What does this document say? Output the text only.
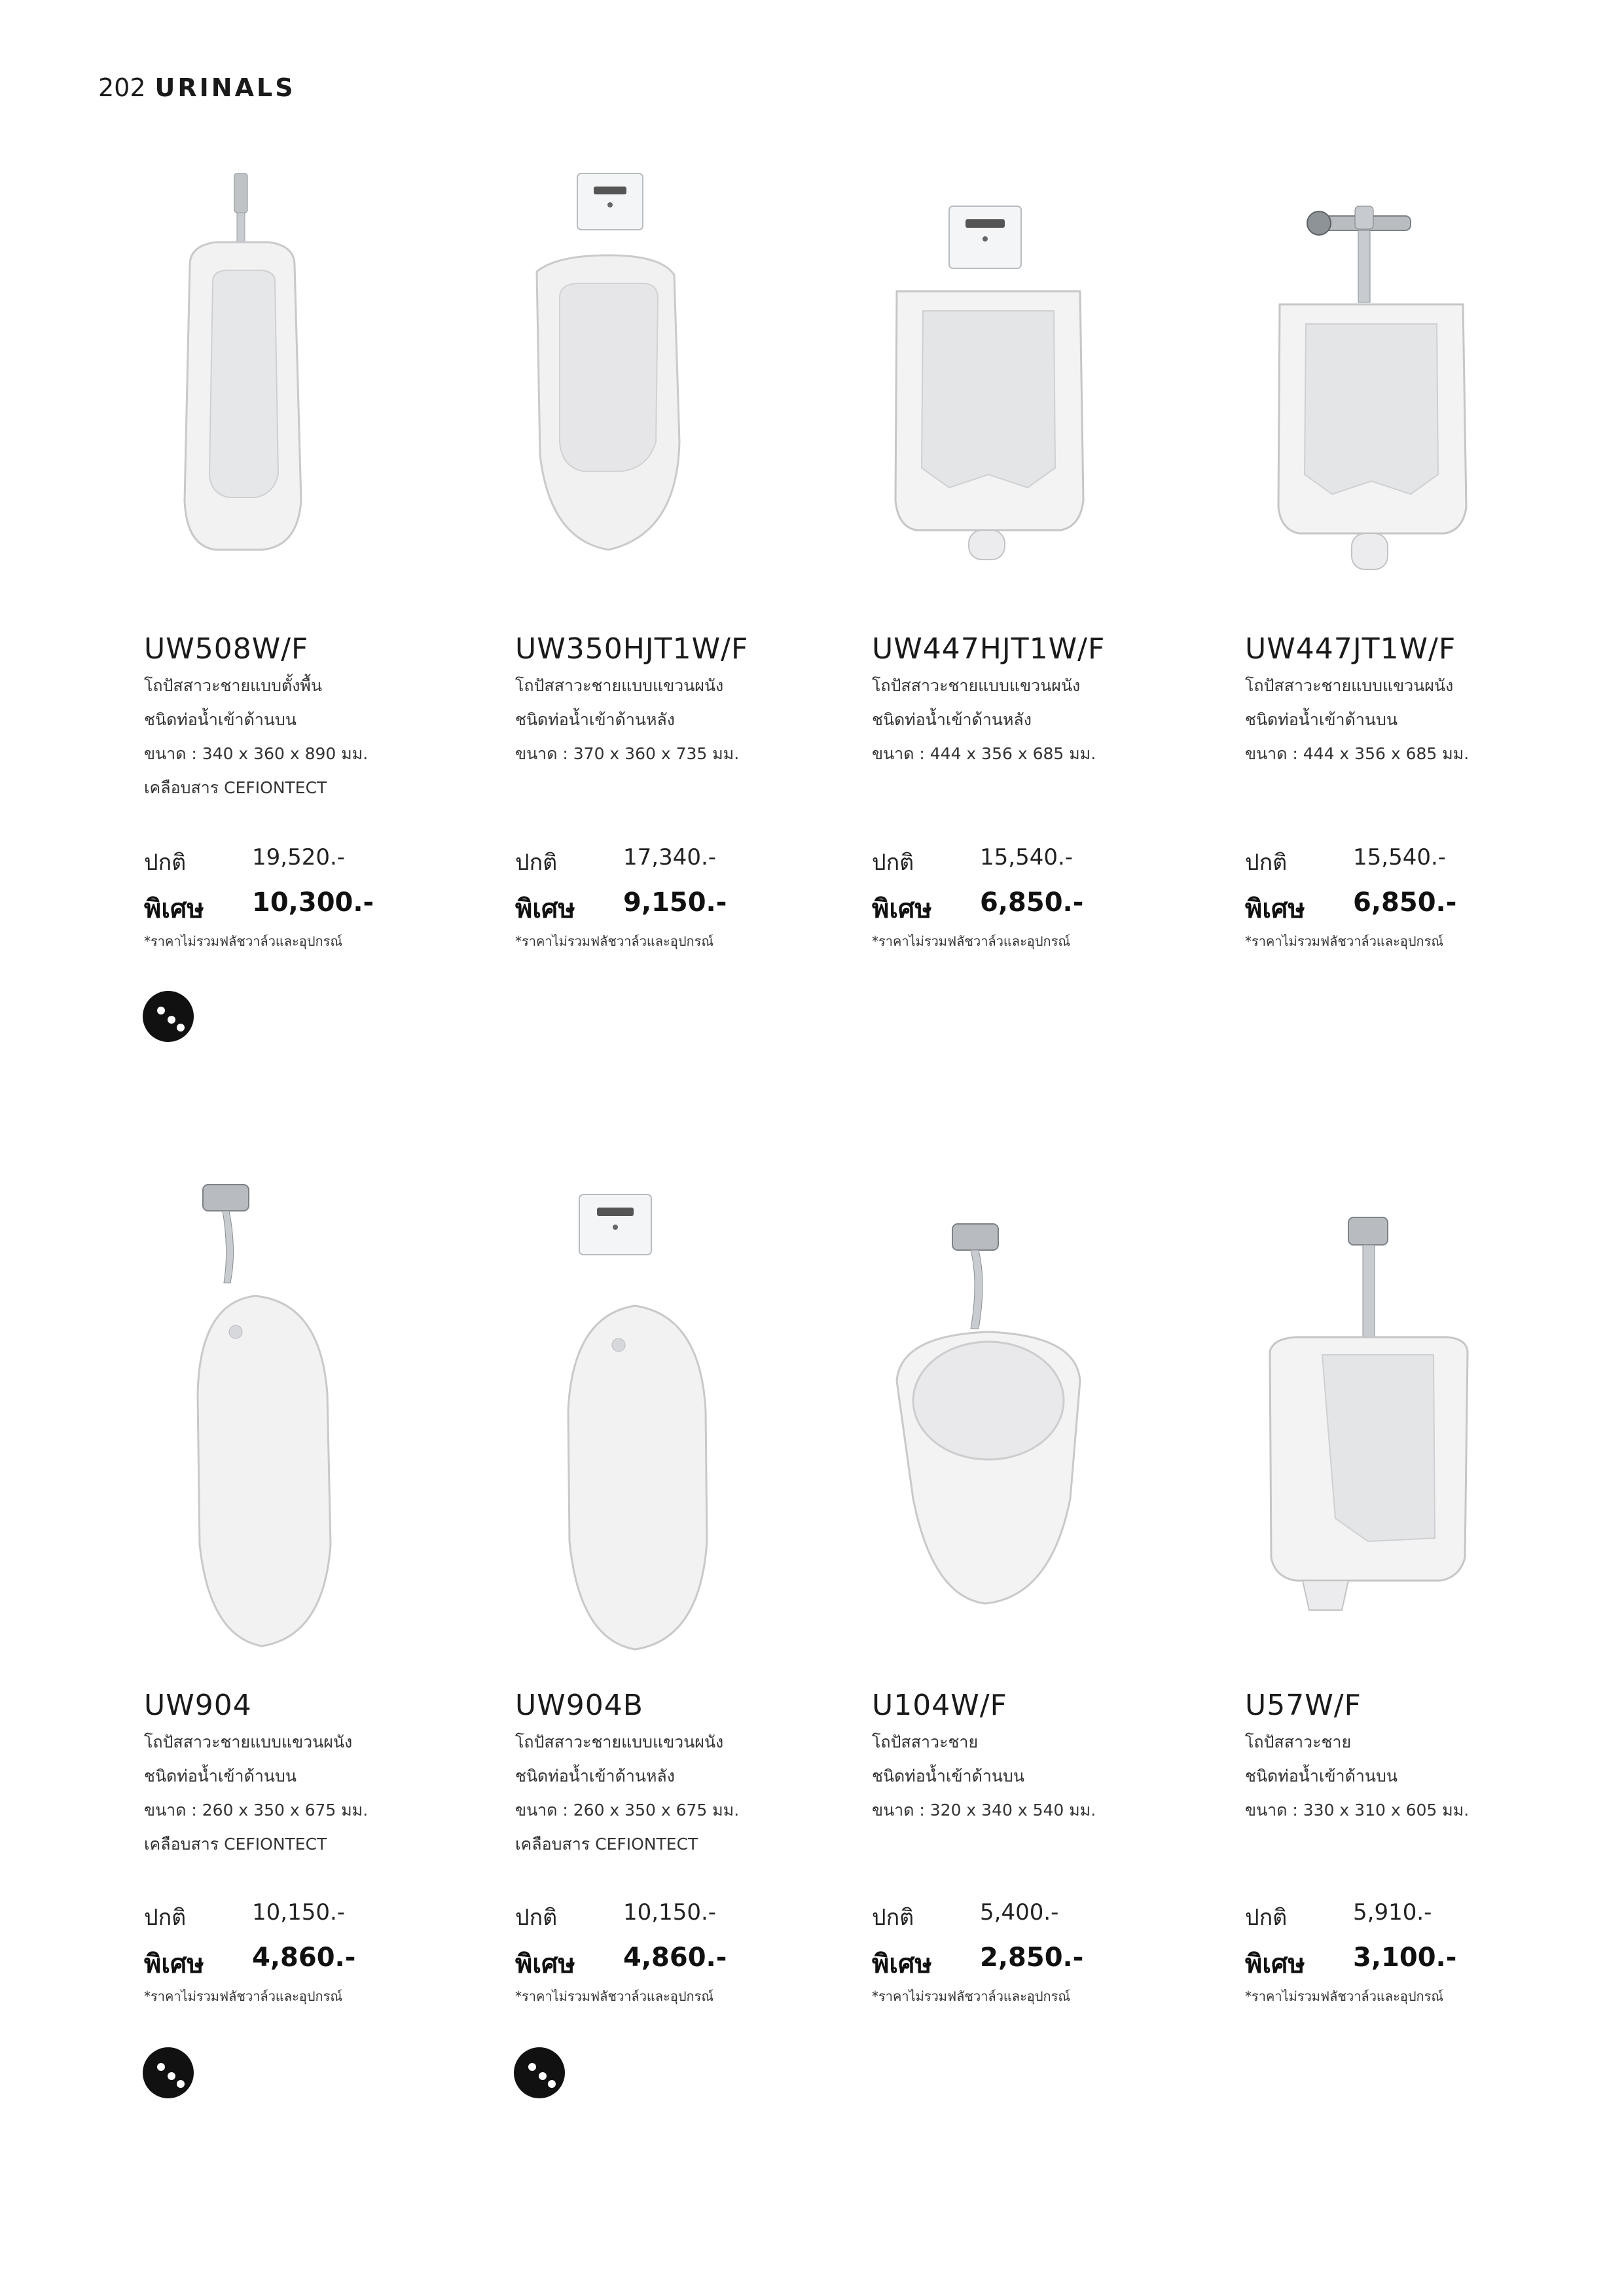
202 URINALS
UW508W/F
โถปัสสาวะชายแบบตั้งพื้น
ชนิดท่อน้ำเข้าด้านบน
ขนาด : 340 x 360 x 890 มม.
เคลือบสาร CEFIONTECT
ปกติ	19,520.-
พิเศษ 10,300.-
*ราคาไม่รวมฟลัชวาล์วและอุปกรณ์
UW350HJT1W/F
โถปัสสาวะชายแบบแขวนผนัง
ชนิดท่อน้ำเข้าด้านหลัง
ขนาด : 370 x 360 x 735 มม.
ปกติ	17,340.-
พิเศษ 9,150.-
*ราคาไม่รวมฟลัชวาล์วและอุปกรณ์
UW447HJT1W/F
โถปัสสาวะชายแบบแขวนผนัง
ชนิดท่อน้ำเข้าด้านหลัง
ขนาด : 444 x 356 x 685 มม.
ปกติ	15,540.-
พิเศษ 6,850.-
*ราคาไม่รวมฟลัชวาล์วและอุปกรณ์
UW447JT1W/F
โถปัสสาวะชายแบบแขวนผนัง
ชนิดท่อน้ำเข้าด้านบน
ขนาด : 444 x 356 x 685 มม.
ปกติ	15,540.-
พิเศษ 6,850.-
*ราคาไม่รวมฟลัชวาล์วและอุปกรณ์
UW904
โถปัสสาวะชายแบบแขวนผนัง
ชนิดท่อน้ำเข้าด้านบน
ขนาด : 260 x 350 x 675 มม.
เคลือบสาร CEFIONTECT
ปกติ	10,150.-
พิเศษ 4,860.-
*ราคาไม่รวมฟลัชวาล์วและอุปกรณ์
UW904B
โถปัสสาวะชายแบบแขวนผนัง
ชนิดท่อน้ำเข้าด้านหลัง
ขนาด : 260 x 350 x 675 มม.
เคลือบสาร CEFIONTECT
ปกติ	10,150.-
พิเศษ 4,860.-
*ราคาไม่รวมฟลัชวาล์วและอุปกรณ์
U104W/F
โถปัสสาวะชาย
ชนิดท่อน้ำเข้าด้านบน
ขนาด : 320 x 340 x 540 มม.
ปกติ	5,400.-
พิเศษ 2,850.-
*ราคาไม่รวมฟลัชวาล์วและอุปกรณ์
U57W/F
โถปัสสาวะชาย
ชนิดท่อน้ำเข้าด้านบน
ขนาด : 330 x 310 x 605 มม.
ปกติ	5,910.-
พิเศษ 3,100.-
*ราคาไม่รวมฟลัชวาล์วและอุปกรณ์
